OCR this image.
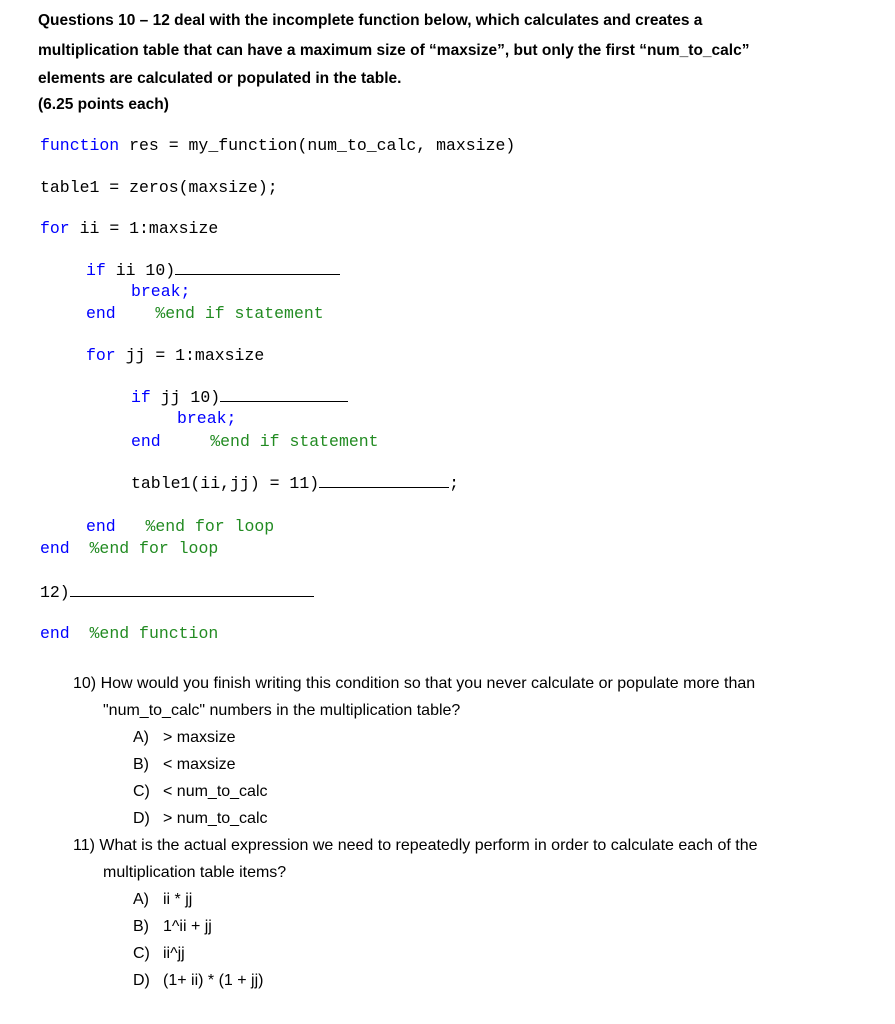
Questions 10 – 12 deal with the incomplete function below, which calculates and creates a
multiplication table that can have a maximum size of “maxsize”, but only the first “num_to_calc”
elements are calculated or populated in the table.
(6.25 points each)
function res = my_function(num_to_calc, maxsize)
table1 = zeros(maxsize);
for ii = 1:maxsize
if ii 10)
break;
end %end if statement
for jj = 1:maxsize
if jj 10)
break;
end	%end if statement
table1(ii,jj) = 11)	;
end %end for loop
end %end for loop
12)
end %end function
10) How would you finish writing this condition so that you never calculate or populate more than
"num_to_calc" numbers in the multiplication table?
A) > maxsize
B) < maxsize
C) < num_to_calc
D) > num_to_calc
11) What is the actual expression we need to repeatedly perform in order to calculate each of the
multiplication table items?
A) ii * jj
B) 1^ii + jj
C) ii^jj
D) (1+ ii) * (1 + jj)
